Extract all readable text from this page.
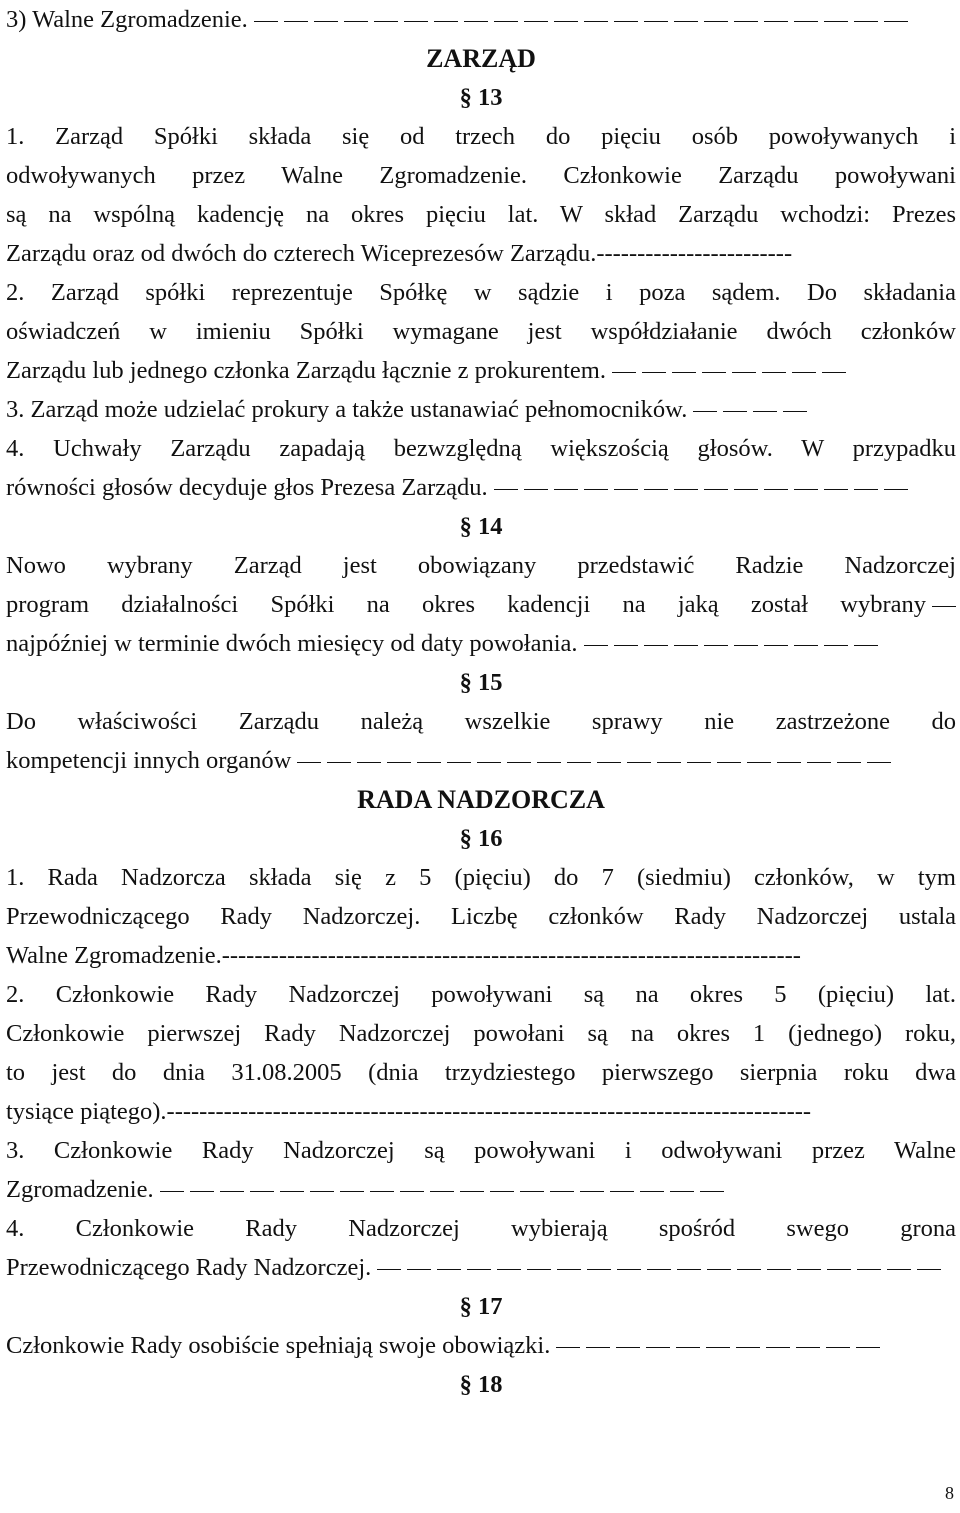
3) Walne Zgromadzenie.
ZARZĄD
§ 13
1. Zarząd Spółki składa się od trzech do pięciu osób powoływanych i
odwoływanych przez Walne Zgromadzenie. Członkowie Zarządu powoływani
są na wspólną kadencję na okres pięciu lat. W skład Zarządu wchodzi: Prezes
Zarządu oraz od dwóch do czterech Wiceprezesów Zarządu.------------------------
2. Zarząd spółki reprezentuje Spółkę w sądzie i poza sądem. Do składania
oświadczeń w imieniu Spółki wymagane jest współdziałanie dwóch członków
Zarządu lub jednego członka Zarządu łącznie z prokurentem.
3. Zarząd może udzielać prokury a także ustanawiać pełnomocników.
4. Uchwały Zarządu zapadają bezwzględną większością głosów. W przypadku
równości głosów decyduje głos Prezesa Zarządu.
§ 14
Nowo wybrany Zarząd jest obowiązany przedstawić Radzie Nadzorczej
program działalności Spółki na okres kadencji na jaką został wybrany
najpóźniej w terminie dwóch miesięcy od daty powołania.
§ 15
Do właściwości Zarządu należą wszelkie sprawy nie zastrzeżone do
kompetencji innych organów
RADA NADZORCZA
§ 16
1. Rada Nadzorcza składa się z 5 (pięciu) do 7 (siedmiu) członków, w tym
Przewodniczącego Rady Nadzorczej. Liczbę członków Rady Nadzorczej ustala
Walne Zgromadzenie.-----------------------------------------------------------------------
2. Członkowie Rady Nadzorczej powoływani są na okres 5 (pięciu) lat.
Członkowie pierwszej Rady Nadzorczej powołani są na okres 1 (jednego) roku,
to jest do dnia 31.08.2005 (dnia trzydziestego pierwszego sierpnia roku dwa
tysiące piątego).-------------------------------------------------------------------------------
3. Członkowie Rady Nadzorczej są powoływani i odwoływani przez Walne
Zgromadzenie.
4. Członkowie Rady Nadzorczej wybierają spośród swego grona
Przewodniczącego Rady Nadzorczej.
§ 17
Członkowie Rady osobiście spełniają swoje obowiązki.
§ 18
8
